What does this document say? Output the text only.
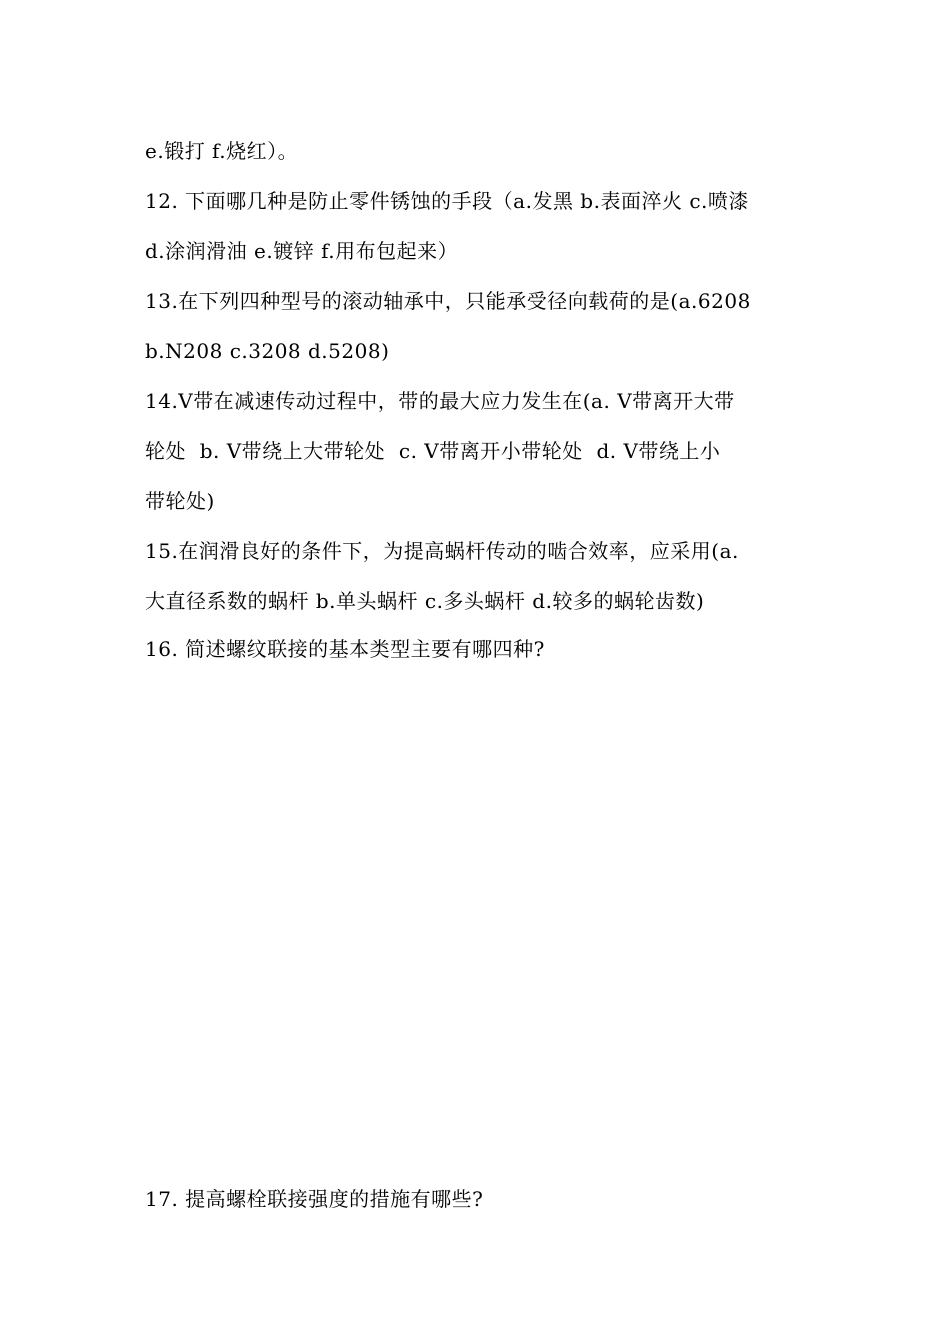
e.锻打 f.烧红）。
12. 下面哪几种是防止零件锈蚀的手段（a.发黑 b.表面淬火 c.喷漆
d.涂润滑油 e.镀锌 f.用布包起来）
13.在下列四种型号的滚动轴承中，只能承受径向载荷的是(a.6208
b.N208 c.3208 d.5208)
14.V带在减速传动过程中，带的最大应力发生在(a. V带离开大带
轮处  b. V带绕上大带轮处  c. V带离开小带轮处  d. V带绕上小
带轮处)
15.在润滑良好的条件下，为提高蜗杆传动的啮合效率，应采用(a.
大直径系数的蜗杆 b.单头蜗杆 c.多头蜗杆 d.较多的蜗轮齿数)
16. 简述螺纹联接的基本类型主要有哪四种?
17. 提高螺栓联接强度的措施有哪些?
